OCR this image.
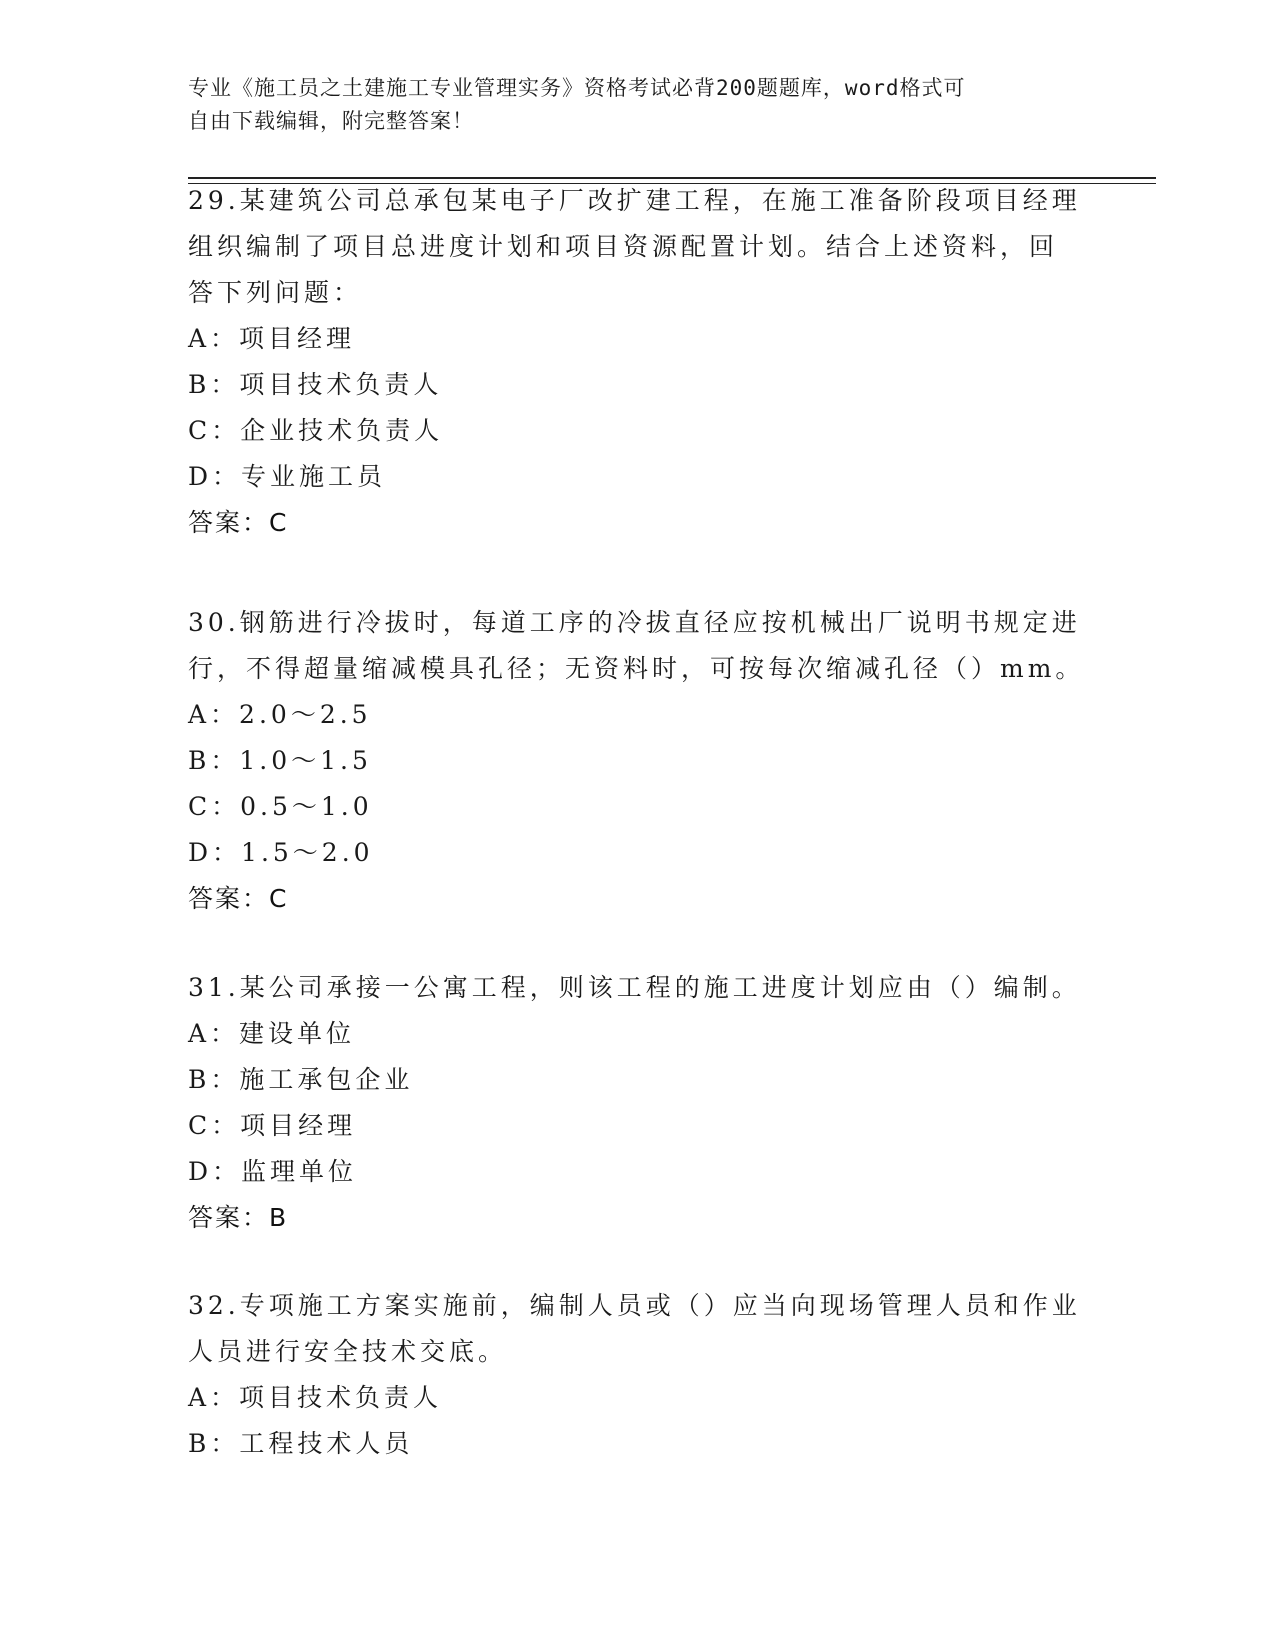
专业《施工员之土建施工专业管理实务》资格考试必背200题题库，word格式可

自由下载编辑，附完整答案！

29.某建筑公司总承包某电子厂改扩建工程，在施工准备阶段项目经理
组织编制了项目总进度计划和项目资源配置计划。结合上述资料，回
答下列问题：
A：项目经理
B：项目技术负责人
C：企业技术负责人
D：专业施工员
答案：C
30.钢筋进行冷拔时，每道工序的冷拔直径应按机械出厂说明书规定进
行，不得超量缩减模具孔径；无资料时，可按每次缩减孔径（）mm。
A：2.0～2.5
B：1.0～1.5
C：0.5～1.0
D：1.5～2.0
答案：C
31.某公司承接一公寓工程，则该工程的施工进度计划应由（）编制。
A：建设单位
B：施工承包企业
C：项目经理
D：监理单位
答案：B
32.专项施工方案实施前，编制人员或（）应当向现场管理人员和作业
人员进行安全技术交底。
A：项目技术负责人
B：工程技术人员
